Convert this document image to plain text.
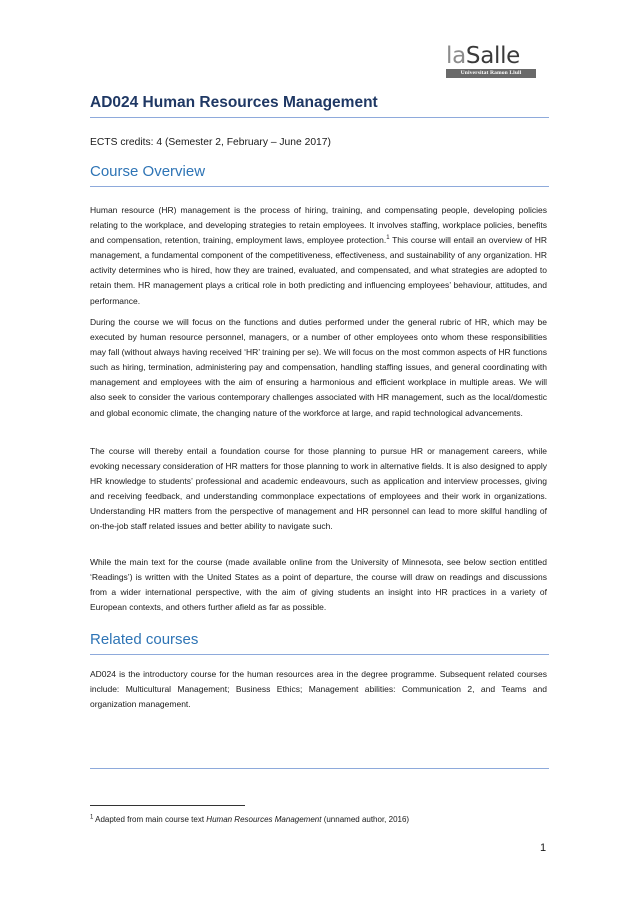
laSalle
Universitat Ramon Llull
AD024 Human Resources Management
ECTS credits: 4 (Semester 2, February – June 2017)
Course Overview

Human resource (HR) management is the process of hiring, training, and compensating people, developing policies relating to the workplace, and developing strategies to retain employees. It involves staffing, workplace policies, benefits and compensation, retention, training, employment laws, employee protection.$^1$ This course will entail an overview of HR management, a fundamental component of the competitiveness, effectiveness, and sustainability of any organization. HR activity determines who is hired, how they are trained, evaluated, and compensated, and what strategies are adopted to retain them. HR management plays a critical role in both predicting and influencing employees’ behaviour, attitudes, and performance.

During the course we will focus on the functions and duties performed under the general rubric of HR, which may be executed by human resource personnel, managers, or a number of other employees onto whom these responsibilities may fall (without always having received ‘HR’ training per se). We will focus on the most common aspects of HR functions such as hiring, termination, administering pay and compensation, handling staffing issues, and general coordinating with management and employees with the aim of ensuring a harmonious and efficient workplace in multiple areas. We will also seek to consider the various contemporary challenges associated with HR management, such as the local/domestic and global economic climate, the changing nature of the workforce at large, and rapid technological advancements.

The course will thereby entail a foundation course for those planning to pursue HR or management careers, while evoking necessary consideration of HR matters for those planning to work in alternative fields. It is also designed to apply HR knowledge to students’ professional and academic endeavours, such as application and interview processes, giving and receiving feedback, and understanding commonplace expectations of employees and their work in organizations. Understanding HR matters from the perspective of management and HR personnel can lead to more skilful handling of on-the-job staff related issues and better ability to navigate such.

While the main text for the course (made available online from the University of Minnesota, see below section entitled ‘Readings’) is written with the United States as a point of departure, the course will draw on readings and discussions from a wider international perspective, with the aim of giving students an insight into HR practices in a variety of European contexts, and others further afield as far as possible.

Related courses

AD024 is the introductory course for the human resources area in the degree programme. Subsequent related courses include: Multicultural Management; Business Ethics; Management abilities: Communication 2, and Teams and organization management.

$^1$ Adapted from main course text Human Resources Management (unnamed author, 2016)
1
